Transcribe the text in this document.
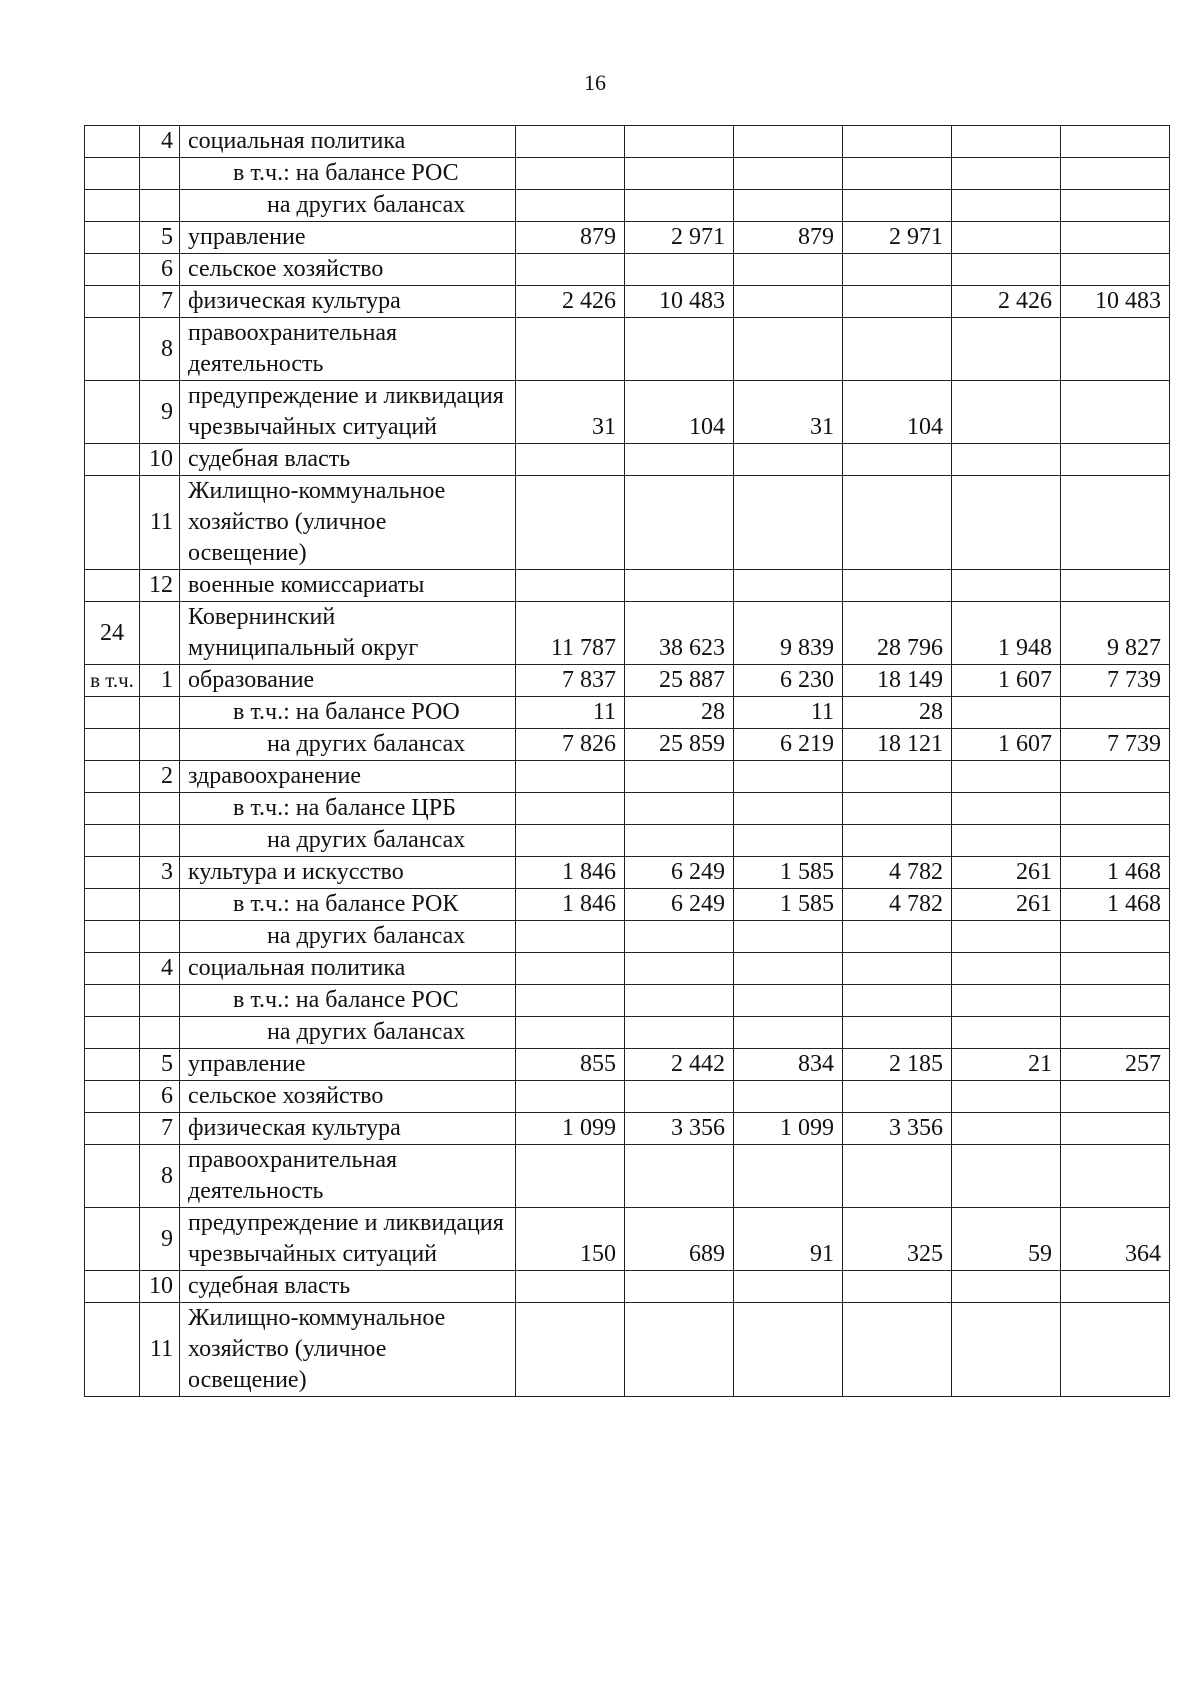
16
	4	социальная политика						
		в т.ч.: на балансе РОС						
		на других балансах						
	5	управление	879	2 971	879	2 971		
	6	сельское хозяйство						
	7	физическая культура	2 426	10 483			2 426	10 483
	8	правоохранительная деятельность						
	9	предупреждение и ликвидация чрезвычайных ситуаций	31	104	31	104		
	10	судебная власть						
	11	Жилищно-коммунальное хозяйство (уличное освещение)						
	12	военные комиссариаты						
24		Ковернинский муниципальный округ	11 787	38 623	9 839	28 796	1 948	9 827
в т.ч.	1	образование	7 837	25 887	6 230	18 149	1 607	7 739
		в т.ч.: на балансе РОО	11	28	11	28		
		на других балансах	7 826	25 859	6 219	18 121	1 607	7 739
	2	здравоохранение						
		в т.ч.: на балансе ЦРБ						
		на других балансах						
	3	культура и искусство	1 846	6 249	1 585	4 782	261	1 468
		в т.ч.: на балансе РОК	1 846	6 249	1 585	4 782	261	1 468
		на других балансах						
	4	социальная политика						
		в т.ч.: на балансе РОС						
		на других балансах						
	5	управление	855	2 442	834	2 185	21	257
	6	сельское хозяйство						
	7	физическая культура	1 099	3 356	1 099	3 356		
	8	правоохранительная деятельность						
	9	предупреждение и ликвидация чрезвычайных ситуаций	150	689	91	325	59	364
	10	судебная власть						
	11	Жилищно-коммунальное хозяйство (уличное освещение)						
